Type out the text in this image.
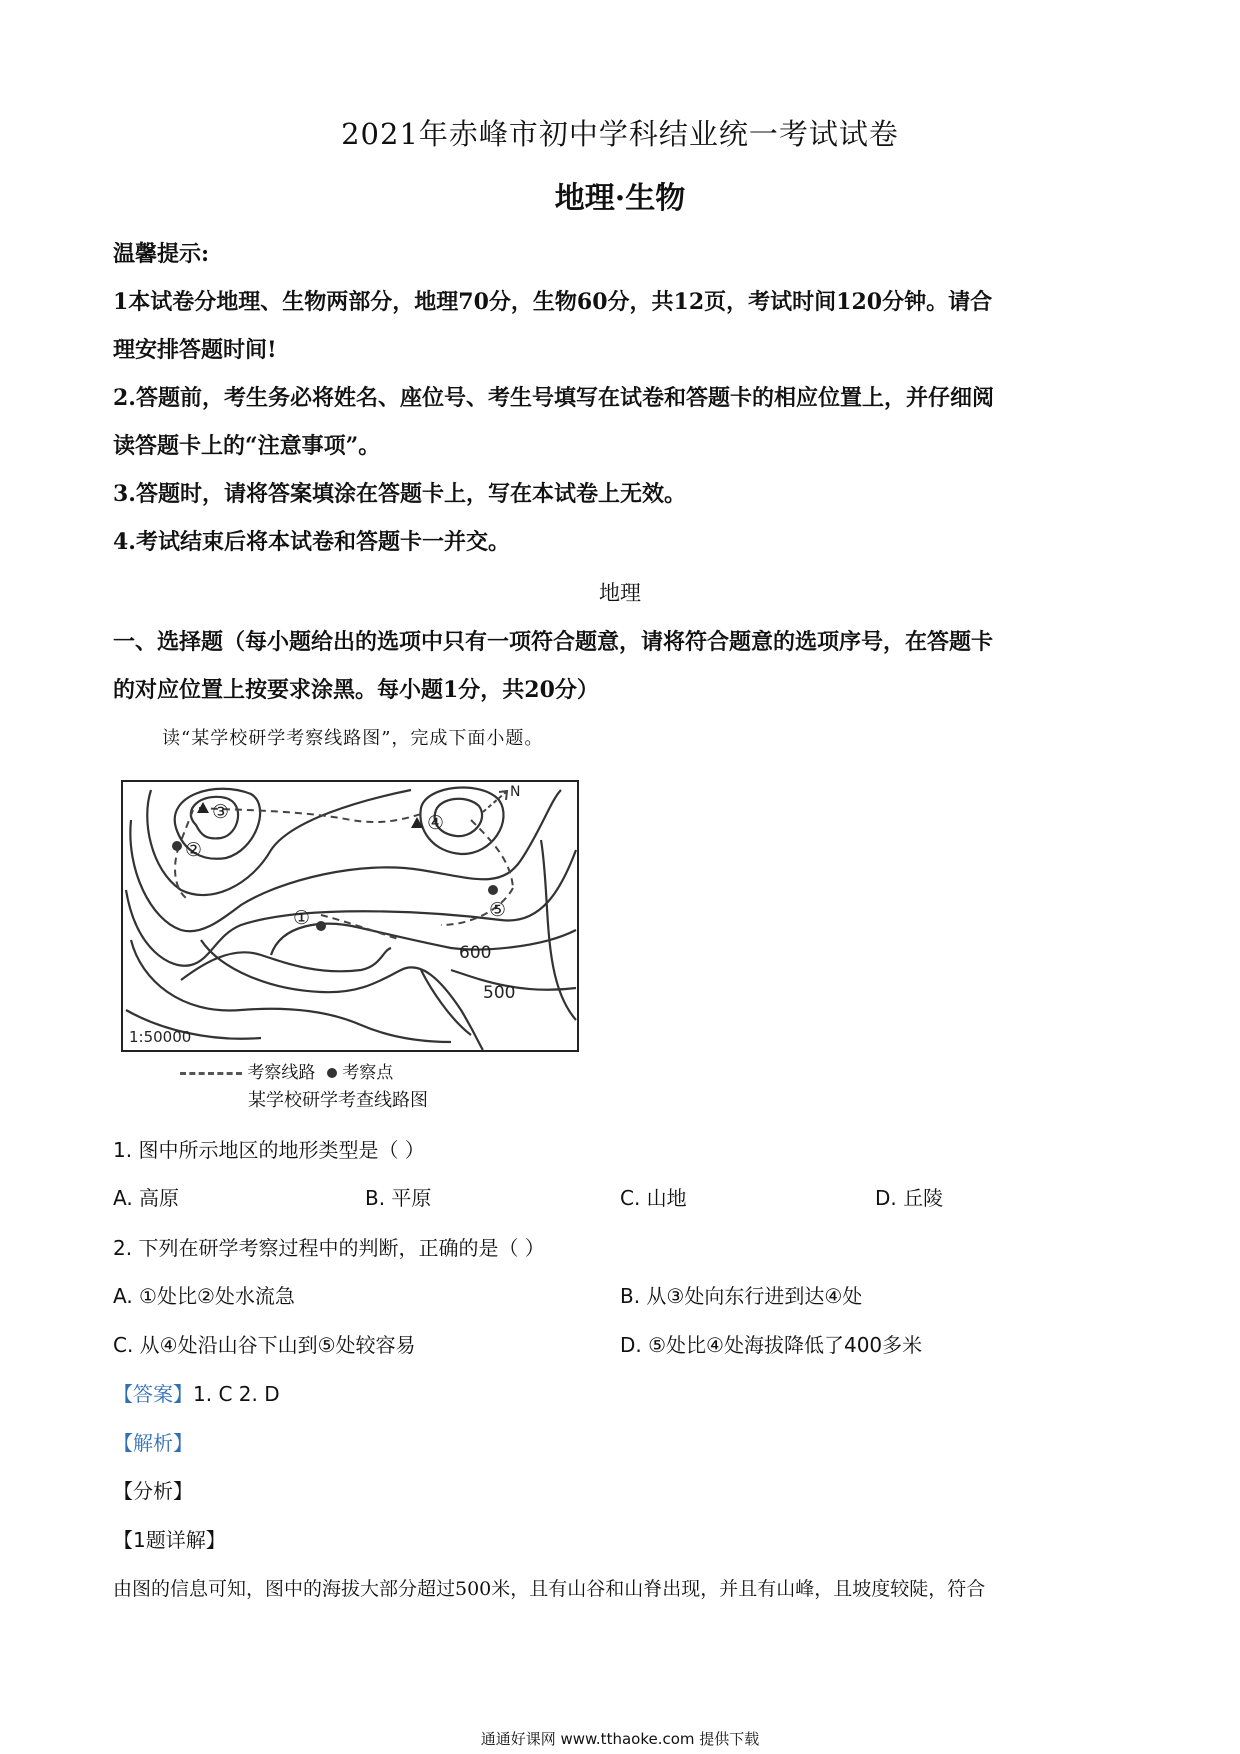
2021年赤峰市初中学科结业统一考试试卷
地理·生物
温馨提示:
1本试卷分地理、生物两部分，地理70分，生物60分，共12页，考试时间120分钟。请合
理安排答题时间!
2.答题前，考生务必将姓名、座位号、考生号填写在试卷和答题卡的相应位置上，并仔细阅
读答题卡上的“注意事项”。
3.答题时，请将答案填涂在答题卡上，写在本试卷上无效。
4.考试结束后将本试卷和答题卡一并交。
地理
一、选择题（每小题给出的选项中只有一项符合题意，请将符合题意的选项序号，在答题卡
的对应位置上按要求涂黑。每小题1分，共20分）
读“某学校研学考察线路图”，完成下面小题。
N
③
②
④
①	⑤
600
500
1:50000
考察线路 考察点
某学校研学考查线路图
1. 图中所示地区的地形类型是（ ）
A. 高原	B. 平原	C. 山地	D. 丘陵
2. 下列在研学考察过程中的判断，正确的是（ ）
A. ①处比②处水流急	B. 从③处向东行进到达④处
C. 从④处沿山谷下山到⑤处较容易	D. ⑤处比④处海拔降低了400多米
【答案】1. C 2. D
【解析】
【分析】
【1题详解】
由图的信息可知，图中的海拔大部分超过500米，且有山谷和山脊出现，并且有山峰，且坡度较陡，符合
通通好课网 www.tthaoke.com 提供下载
